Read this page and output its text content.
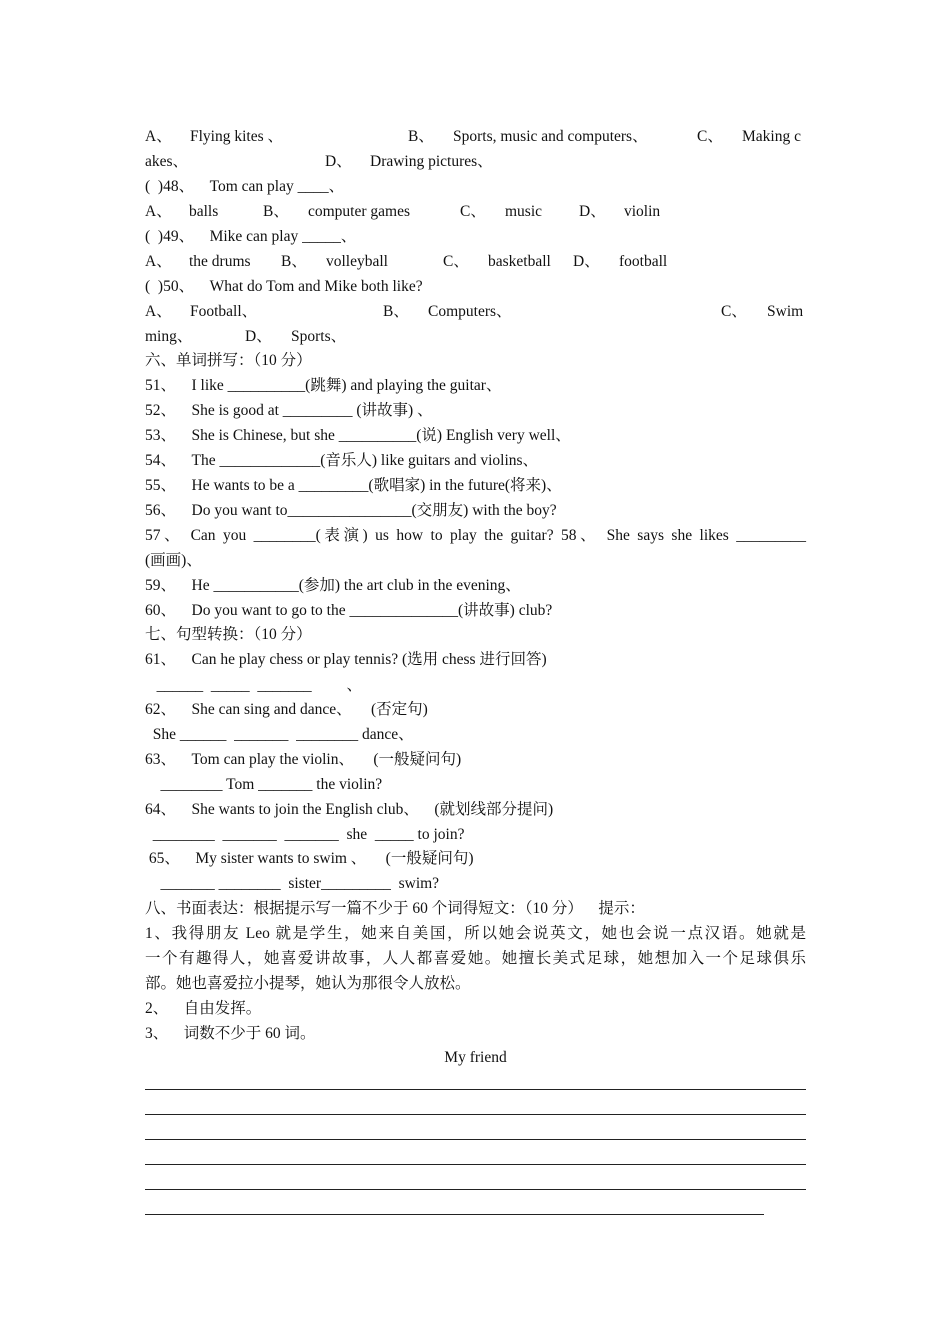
A、

Flying kites 、

	B、

Sports, music and computers、

	C、

Making c

akes、

	D、

Drawing pictures、

(  )48、    Tom can play ____、

A、

balls

	B、

computer games

	C、

music

D、

violin

(  )49、    Mike can play _____、

A、

the drums

B、

volleyball

	C、

basketball

D、

football

(  )50、    What do Tom and Mike both like?

A、

Football、

	B、

Computers、

	C、

Swim

ming、

	D、

Sports、

六、单词拼写：（10 分）
51、    I like __________(跳舞) and playing the guitar、
52、    She is good at _________ (讲故事) 、
53、    She is Chinese, but she __________(说) English very well、
54、    The _____________(音乐人) like guitars and violins、
55、    He wants to be a _________(歌唱家) in the future(将来)、
56、    Do you want to________________(交朋友) with the boy?
57、 Can you ________(表演) us how to play the guitar? 58、 She says she likes _________
(画画)、
59、    He ___________(参加) the art club in the evening、
60、    Do you want to go to the ______________(讲故事) club?
七、句型转换：（10 分）
61、    Can he play chess or play tennis? (选用 chess 进行回答)
______  _____  _______         、
62、    She can sing and dance、     (否定句)
She ______  _______  ________ dance、
63、    Tom can play the violin、     (一般疑问句)
________ Tom _______ the violin?
64、    She wants to join the English club、    (就划线部分提问)
________  _______  _______  she  _____ to join?
65、    My sister wants to swim 、     (一般疑问句)
_______ ________  sister_________  swim?
八、书面表达：根据提示写一篇不少于 60 个词得短文：（10 分）    提示：
1、我得朋友 Leo 就是学生，她来自美国，所以她会说英文，她也会说一点汉语。她就是
一个有趣得人，她喜爱讲故事，人人都喜爱她。她擅长美式足球，她想加入一个足球俱乐
部。她也喜爱拉小提琴，她认为那很令人放松。
2、    自由发挥。
3、    词数不少于 60 词。
My friend
